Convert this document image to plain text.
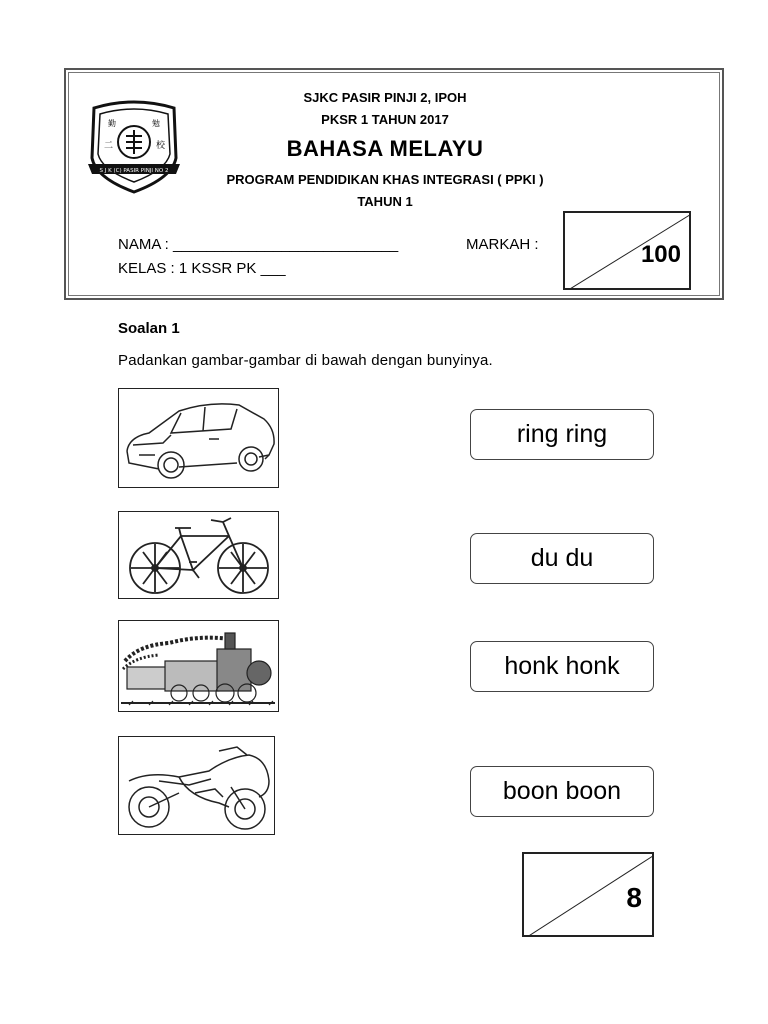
勤	勉
二	校
S J K (C) PASIR PINJI NO 2
SJKC PASIR PINJI 2, IPOH
PKSR 1 TAHUN 2017
BAHASA MELAYU
PROGRAM PENDIDIKAN KHAS INTEGRASI ( PPKI )
TAHUN 1
NAMA : ___________________________
KELAS : 1 KSSR PK ___
MARKAH :	100
Soalan 1
Padankan gambar-gambar di bawah dengan bunyinya.
ring ring
du du
honk honk
boon boon
8
